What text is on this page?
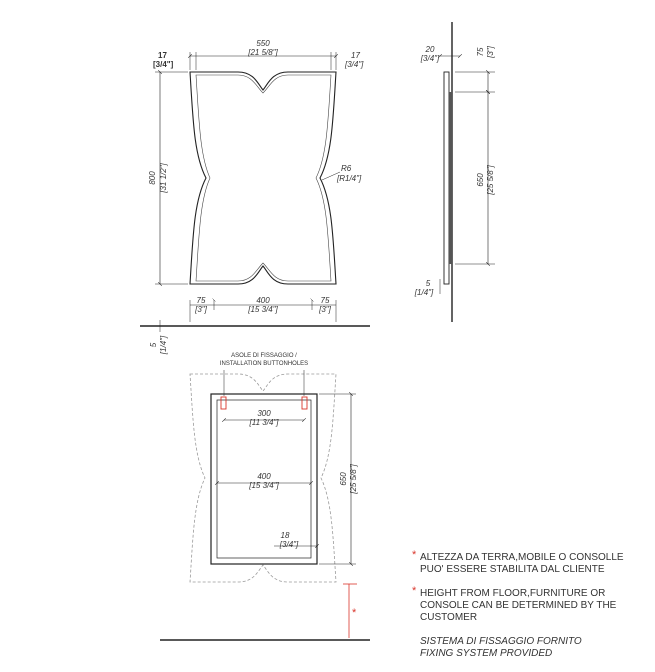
550
[21 5/8"]
17
[3/4"]
17
[3/4"]
800 [31 1/2"]	R6
[R1/4"]
75
[3"]
400
[15 3/4"]
75
[3"]
5 [1/4"]
20
[3/4"]
75 [3"]
650 [25 5/8"]
5
[1/4"]
ASOLE DI FISSAGGIO /
INSTALLATION BUTTONHOLES
300
[11 3/4"]
400
[15 3/4"]	650 [25 5/8"]
18
[3/4"]
*
* ALTEZZA DA TERRA,MOBILE O CONSOLLE
PUO' ESSERE STABILITA DAL CLIENTE
* HEIGHT FROM FLOOR,FURNITURE OR
CONSOLE CAN BE DETERMINED BY THE
CUSTOMER
SISTEMA DI FISSAGGIO FORNITO
FIXING SYSTEM PROVIDED
